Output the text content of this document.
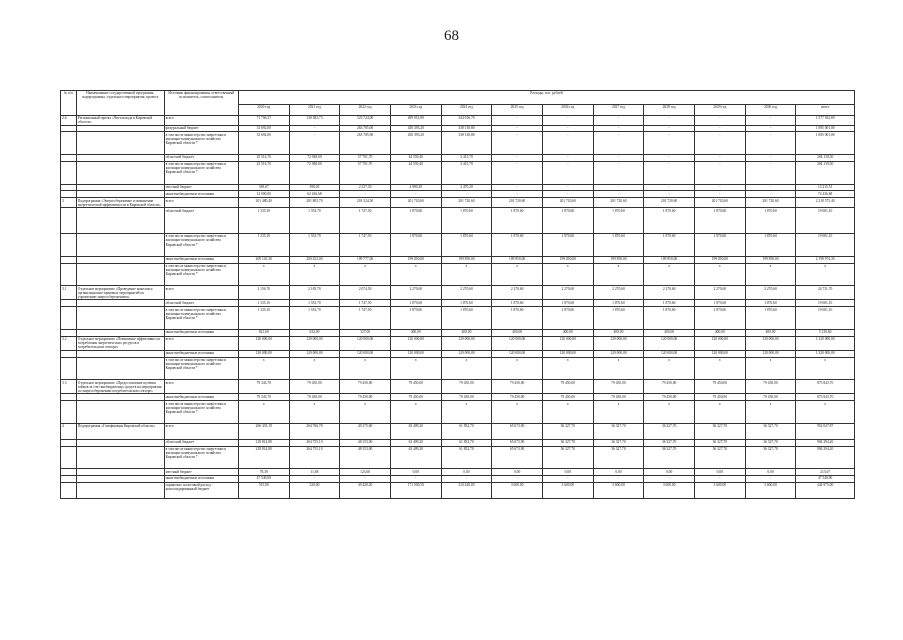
68
№ п/п	Наименование государственной программы, подпрограммы, отдельного мероприятия, проекта	Источник финансирования, ответственный исполнитель, соисполнитель	Расходы, тыс. рублей											
			2020 год	2021 год	2022 год	2023 год	2024 год	2025 год	2026 год	2027 год	2028 год	2029 год	2030 год	итого
2.6	Региональный проект «Чистая вода в Кировской области»	всего	71 706,37	138 382,73	523 724,00	499 951,89	344 016,70	-	-	-	-	-	-	1 577 932,69
		федеральный бюджет	33 692,00	-	263 785,00	450 393,20	338 130,80	-	-	-	-	-	-	1 085 001,00
		в том числе министерство энергетики и жилищно-коммунального хозяйства Кировской области *	33 692,00	-	263 785,00	450 393,20	338 130,80	-	-	-	-	-	-	1 085 001,00
		областной бюджет	25 514,70	72 948,00	57 701,70	44 559,40	3 415,70	-	-	-	-	-	-	204 139,50
		в том числе министерство энергетики и жилищно-коммунального хозяйства Кировской области *	25 514,70	72 948,00	57 701,70	44 559,40	3 415,70	-	-	-	-	-	-	204 139,50
		местный бюджет	549,67	398,05	2 237,30	4 980,29	2 470,20	-	-	-	-	-	-	13 215,51
		иные внебюджетные источники	12 000,00	62 436,68	-	-	-	-	-	-	-	-	-	74 436,68
3	Подпрограмма «Энергосбережение и повышение энергетической эффективности в Кировской области»	всего	201 480,40	201 805,70	201 524,50	201 720,60	201 720,60	201 720,60	201 720,60	201 720,60	201 720,60	201 720,60	201 720,60	2 218 575,40
		областной бюджет	1 335,10	1 553,70	1 747,50	1 870,60	1 870,60	1 870,60	1 870,60	1 870,60	1 870,60	1 870,60	1 870,60	19 601,10
		в том числе министерство энергетики и жилищно-коммунального хозяйства Кировской области *	1 335,10	1 553,70	1 747,50	1 870,60	1 870,60	1 870,60	1 870,60	1 870,60	1 870,60	1 870,60	1 870,60	19 601,10
		иные внебюджетные источники	200 145,30	200 252,00	199 777,00	199 850,00	199 850,00	199 850,00	199 850,00	199 850,00	199 850,00	199 850,00	199 850,00	2 198 974,30
		в том числе министерство энергетики и жилищно-коммунального хозяйства Кировской области *	x	x	x	x	x	x	x	x	x	x	x	x
3.1	Отдельное мероприятие «Проведение комплекса организационно-правовых мероприятий по управлению энергосбережением»	всего	2 156,70	2 185,70	2 074,50	2 270,60	2 270,60	2 270,60	2 270,60	2 270,60	2 270,60	2 270,60	2 270,60	24 731,70
		областной бюджет	1 335,10	1 553,70	1 747,50	1 870,60	1 870,60	1 870,60	1 870,60	1 870,60	1 870,60	1 870,60	1 870,60	19 601,10
		в том числе министерство энергетики и жилищно-коммунального хозяйства Кировской области *	1 335,10	1 553,70	1 747,50	1 870,60	1 870,60	1 870,60	1 870,60	1 870,60	1 870,60	1 870,60	1 870,60	19 601,10
		иные внебюджетные источники	821,60	632,00	327,00	400,00	400,00	400,00	400,00	400,00	400,00	400,00	400,00	5 130,60
3.2	Отдельное мероприятие «Повышение эффективности потребления энергетических ресурсов в потребительском секторе»	всего	120 000,00	120 000,00	120 000,00	120 000,00	120 000,00	120 000,00	120 000,00	120 000,00	120 000,00	120 000,00	120 000,00	1 320 000,00
		иные внебюджетные источники	120 000,00	120 000,00	120 000,00	120 000,00	120 000,00	120 000,00	120 000,00	120 000,00	120 000,00	120 000,00	120 000,00	1 320 000,00
		в том числе министерство энергетики и жилищно-коммунального хозяйства Кировской области *	x	x	x	x	x	x	x	x	x	x	x	x
3.3	Отдельное мероприятие «Предоставление целевых займов за счет внебюджетных средств на мероприятия по энергосбережению потребительском секторе»	всего	79 343,70	79 450,00	79 450,00	79 450,00	79 450,00	79 450,00	79 450,00	79 450,00	79 450,00	79 450,00	79 450,00	873 843,70
		иные внебюджетные источники	79 343,70	79 450,00	79 450,00	79 450,00	79 450,00	79 450,00	79 450,00	79 450,00	79 450,00	79 450,00	79 450,00	873 843,70
		в том числе министерство энергетики и жилищно-коммунального хозяйства Кировской области *	x	x	x	x	x	x	x	x	x	x	x	x
4	Подпрограмма «Газификация Кировской области»	всего	266 433,19	264 766,78	49 275,60	63 409,20	61 852,70	65 673,90	36 327,70	36 327,70	36 327,70	36 327,70	36 327,70	952 047,87
		областной бюджет	218 814,80	264 755,10	48 153,00	63 409,20	61 852,70	65 673,90	36 327,70	36 327,70	36 327,70	36 327,70	36 327,70	904 294,20
		в том числе министерство энергетики и жилищно-коммунального хозяйства Кировской области *	218 814,80	264 755,10	48 153,00	63 409,20	61 852,70	65 673,90	36 327,70	36 327,70	36 327,70	36 327,70	36 327,70	904 294,20
		местный бюджет	78,39	11,68	123,60	0,00	0,00	0,00	0,00	0,00	0,00	0,00	0,00	213,67
		иные внебюджетные источники	47 540,00	-	-	-	-	-	-	-	-	-	-	47 540,00
		справочно: налоговый расход - консолидированный бюджет	515,00	520,00	40 420,20	171 500,50	210 420,00	3 600,00	3 600,00	3 600,00	3 600,00	3 600,00	3 600,00	444 975,00
